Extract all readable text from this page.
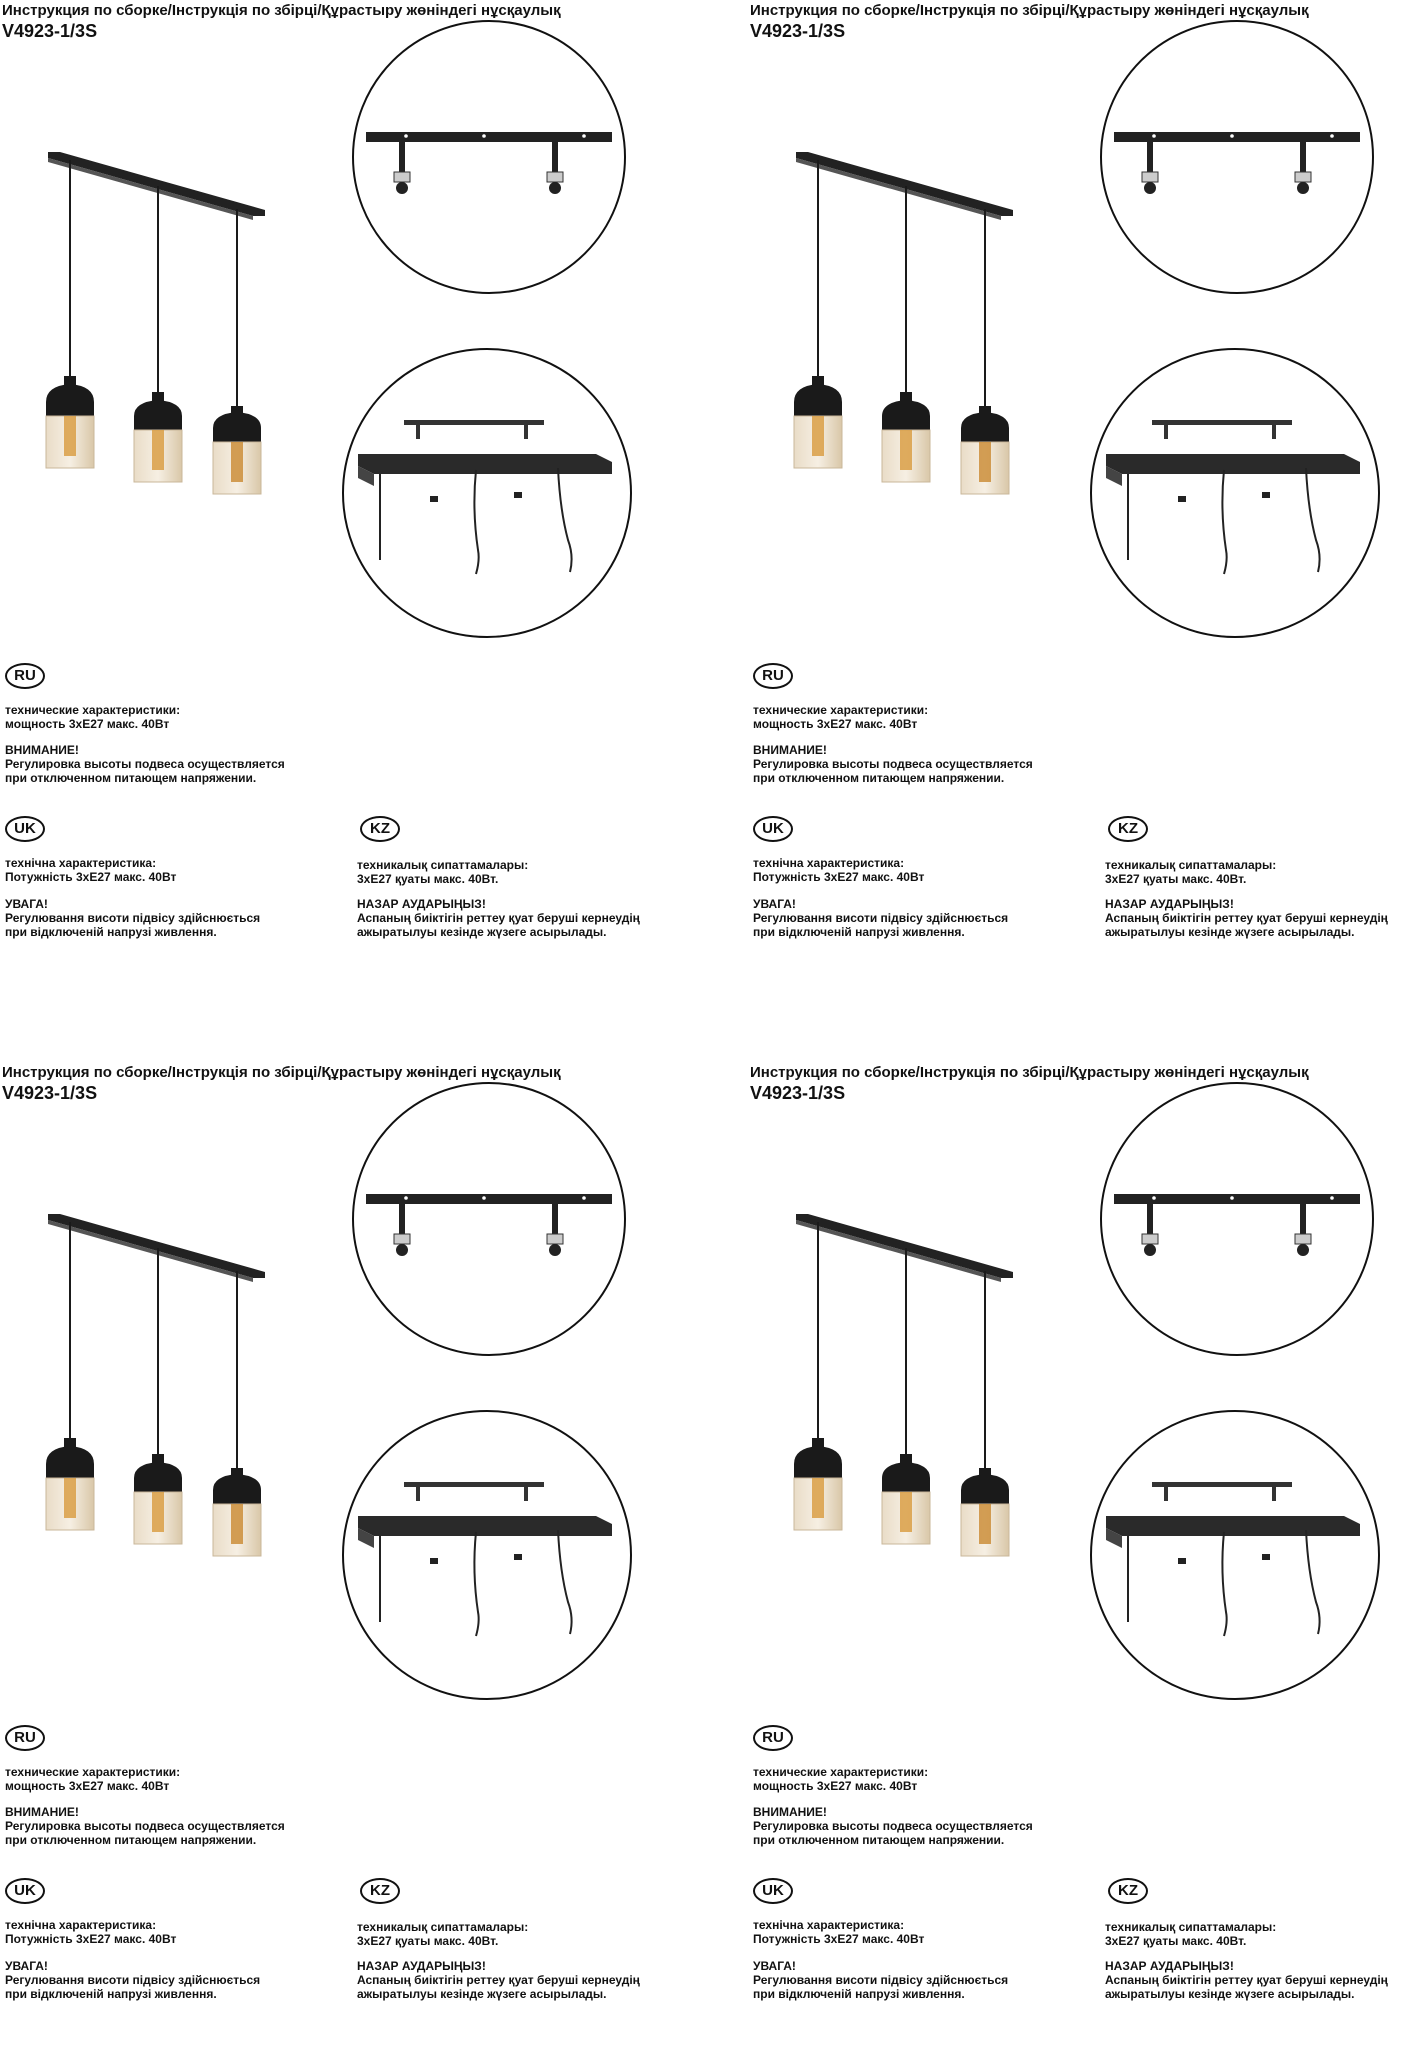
Инструкция по сборке/Інструкція по збірці/Құрастыру жөніндегі нұсқаулық
V4923-1/3S
RU
технические характеристики:
мощность 3xE27 макс. 40Вт
ВНИМАНИЕ!
Регулировка высоты подвеса осуществляется
при отключенном питающем напряжении.
UK
технічна характеристика:
Потужність 3хЕ27 макс. 40Вт
УВАГА!
Регулювання висоти підвісу здійснюється
при відключеній напрузі живлення.
KZ
техникалық сипаттамалары:
3хЕ27 қуаты макс. 40Вт.
НАЗАР АУДАРЫҢЫЗ!
Аспаның биіктігін реттеу қуат беруші кернеудің
ажыратылуы кезінде жүзеге асырылады.
Инструкция по сборке/Інструкція по збірці/Құрастыру жөніндегі нұсқаулық
V4923-1/3S
RU
технические характеристики:
мощность 3xE27 макс. 40Вт
ВНИМАНИЕ!
Регулировка высоты подвеса осуществляется
при отключенном питающем напряжении.
UK
технічна характеристика:
Потужність 3хЕ27 макс. 40Вт
УВАГА!
Регулювання висоти підвісу здійснюється
при відключеній напрузі живлення.
KZ
техникалық сипаттамалары:
3хЕ27 қуаты макс. 40Вт.
НАЗАР АУДАРЫҢЫЗ!
Аспаның биіктігін реттеу қуат беруші кернеудің
ажыратылуы кезінде жүзеге асырылады.
Инструкция по сборке/Інструкція по збірці/Құрастыру жөніндегі нұсқаулық
V4923-1/3S
RU
технические характеристики:
мощность 3xE27 макс. 40Вт
ВНИМАНИЕ!
Регулировка высоты подвеса осуществляется
при отключенном питающем напряжении.
UK
технічна характеристика:
Потужність 3хЕ27 макс. 40Вт
УВАГА!
Регулювання висоти підвісу здійснюється
при відключеній напрузі живлення.
KZ
техникалық сипаттамалары:
3хЕ27 қуаты макс. 40Вт.
НАЗАР АУДАРЫҢЫЗ!
Аспаның биіктігін реттеу қуат беруші кернеудің
ажыратылуы кезінде жүзеге асырылады.
Инструкция по сборке/Інструкція по збірці/Құрастыру жөніндегі нұсқаулық
V4923-1/3S
RU
технические характеристики:
мощность 3xE27 макс. 40Вт
ВНИМАНИЕ!
Регулировка высоты подвеса осуществляется
при отключенном питающем напряжении.
UK
технічна характеристика:
Потужність 3хЕ27 макс. 40Вт
УВАГА!
Регулювання висоти підвісу здійснюється
при відключеній напрузі живлення.
KZ
техникалық сипаттамалары:
3хЕ27 қуаты макс. 40Вт.
НАЗАР АУДАРЫҢЫЗ!
Аспаның биіктігін реттеу қуат беруші кернеудің
ажыратылуы кезінде жүзеге асырылады.
